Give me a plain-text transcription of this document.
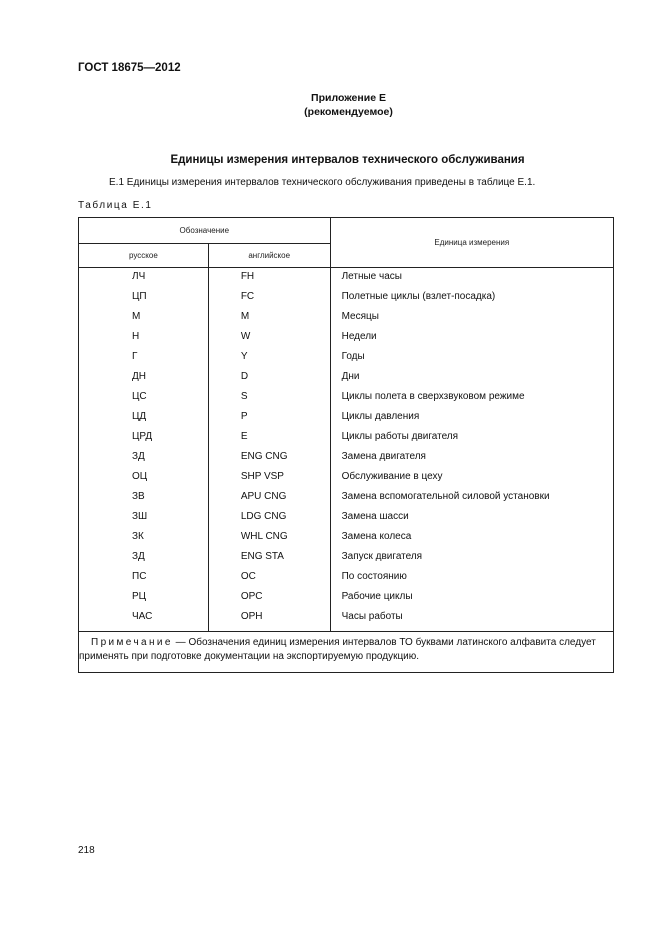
ГОСТ 18675—2012
Приложение Е
(рекомендуемое)
Единицы измерения интервалов технического обслуживания
Е.1 Единицы измерения интервалов технического обслуживания приведены в таблице Е.1.
Таблица Е.1
Обозначение		Единица измерения
русское	английское	

ЛЧ	FH	Летные часы
ЦП	FC	Полетные циклы (взлет-посадка)
М	M	Месяцы
Н	W	Недели
Г	Y	Годы
ДН	D	Дни
ЦС	S	Циклы полета в сверхзвуковом режиме
ЦД	P	Циклы давления
ЦРД	E	Циклы работы двигателя
ЗД	ENG CNG	Замена двигателя
ОЦ	SHP VSP	Обслуживание в цеху
ЗВ	APU CNG	Замена вспомогательной силовой установки
ЗШ	LDG CNG	Замена шасси
ЗК	WHL CNG	Замена колеса
ЗД	ENG STA	Запуск двигателя
ПС	OC	По состоянию
РЦ	OPC	Рабочие циклы
ЧАС	OPH	Часы работы
Примечание — Обозначения единиц измерения интервалов ТО буквами латинского алфавита следует применять при подготовке документации на экспортируемую продукцию.		
218
